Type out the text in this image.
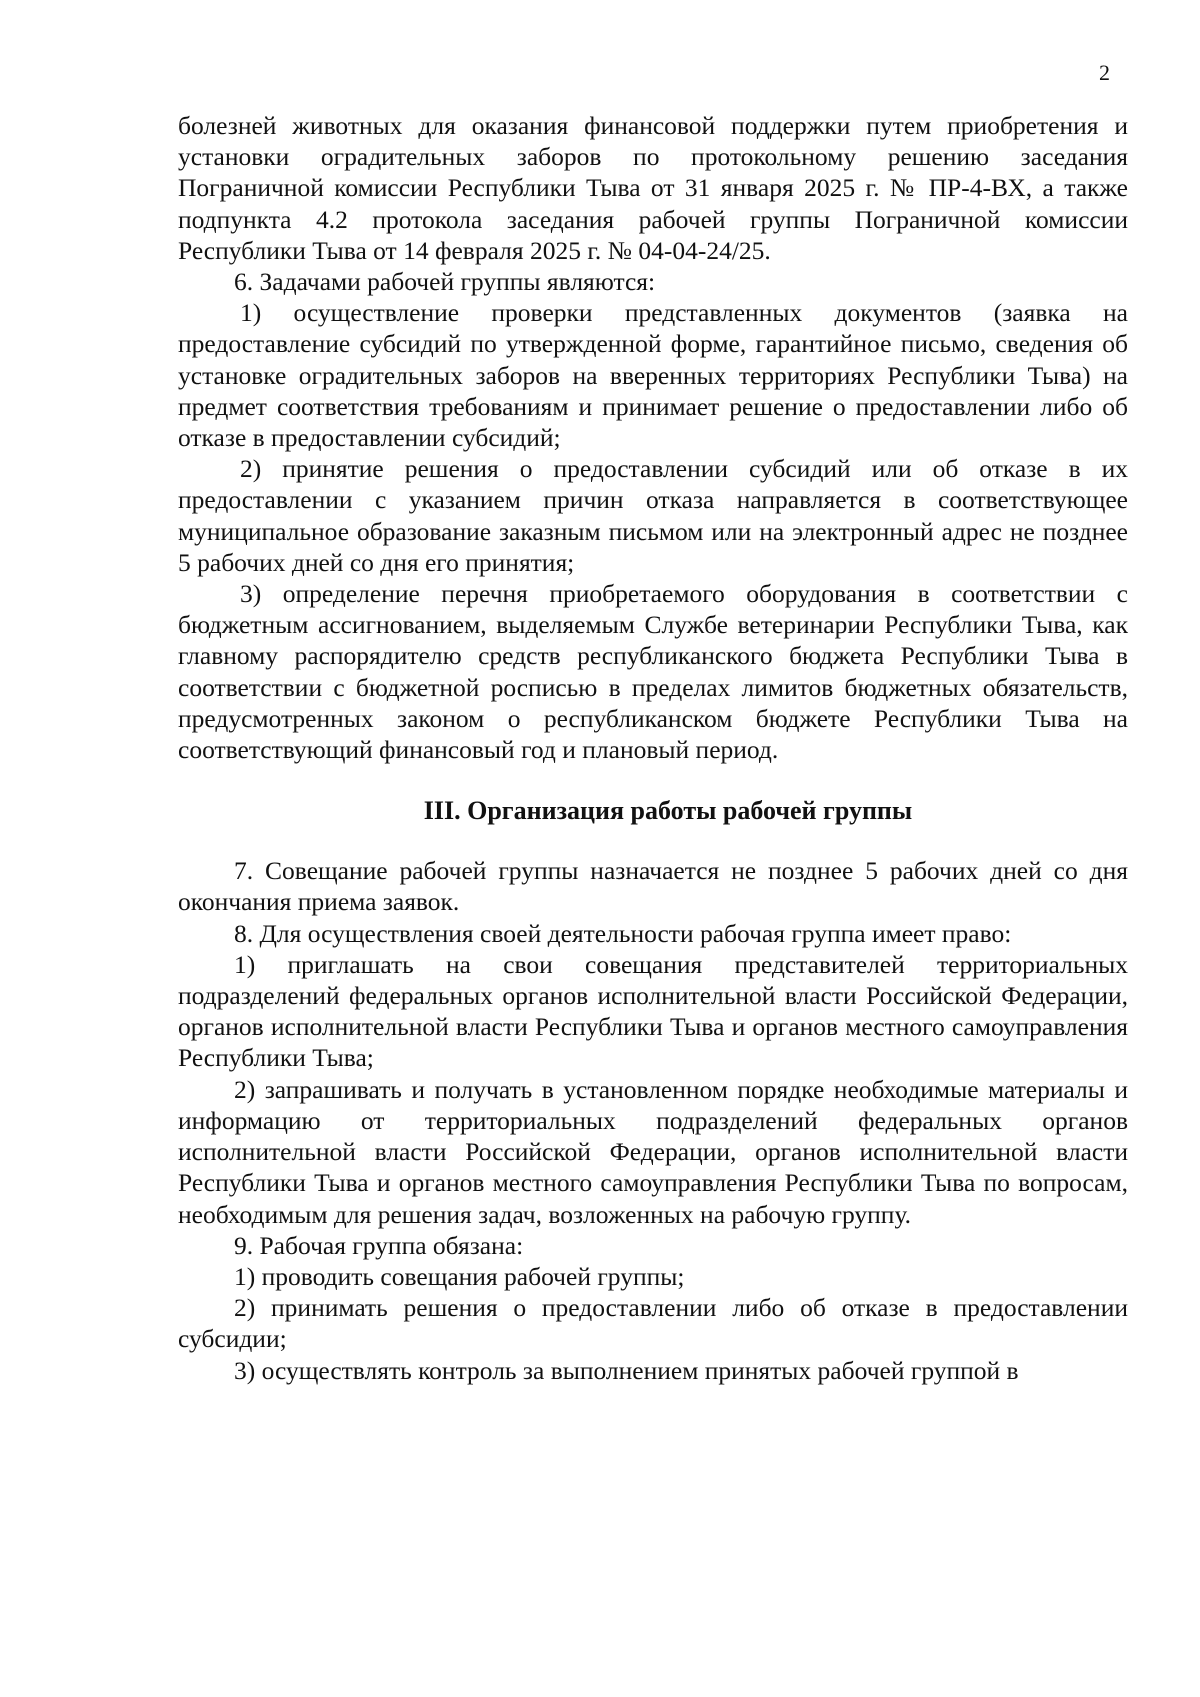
2

болезней животных для оказания финансовой поддержки путем приобретения и установки оградительных заборов по протокольному решению заседания Пограничной комиссии Республики Тыва от 31 января 2025 г. № ПР-4-ВХ, а также подпункта 4.2 протокола заседания рабочей группы Пограничной комиссии Республики Тыва от 14 февраля 2025 г. № 04-04-24/25.

6. Задачами рабочей группы являются:

1) осуществление проверки представленных документов (заявка на предоставление субсидий по утвержденной форме, гарантийное письмо, сведения об установке оградительных заборов на вверенных территориях Республики Тыва) на предмет соответствия требованиям и принимает решение о предоставлении либо об отказе в предоставлении субсидий;

2) принятие решения о предоставлении субсидий или об отказе в их предоставлении с указанием причин отказа направляется в соответствующее муниципальное образование заказным письмом или на электронный адрес не позднее 5 рабочих дней со дня его принятия;

3) определение перечня приобретаемого оборудования в соответствии с бюджетным ассигнованием, выделяемым Службе ветеринарии Республики Тыва, как главному распорядителю средств республиканского бюджета Республики Тыва в соответствии с бюджетной росписью в пределах лимитов бюджетных обязательств, предусмотренных законом о республиканском бюджете Республики Тыва на соответствующий финансовый год и плановый период.

III. Организация работы рабочей группы

7. Совещание рабочей группы назначается не позднее 5 рабочих дней со дня окончания приема заявок.

8. Для осуществления своей деятельности рабочая группа имеет право:

1) приглашать на свои совещания представителей территориальных подразделений федеральных органов исполнительной власти Российской Федерации, органов исполнительной власти Республики Тыва и органов местного самоуправления Республики Тыва;

2) запрашивать и получать в установленном порядке необходимые материалы и информацию от территориальных подразделений федеральных органов исполнительной власти Российской Федерации, органов исполнительной власти Республики Тыва и органов местного самоуправления Республики Тыва по вопросам, необходимым для решения задач, возложенных на рабочую группу.

9. Рабочая группа обязана:

1) проводить совещания рабочей группы;

2) принимать решения о предоставлении либо об отказе в предоставлении субсидии;

3) осуществлять контроль за выполнением принятых рабочей группой в
